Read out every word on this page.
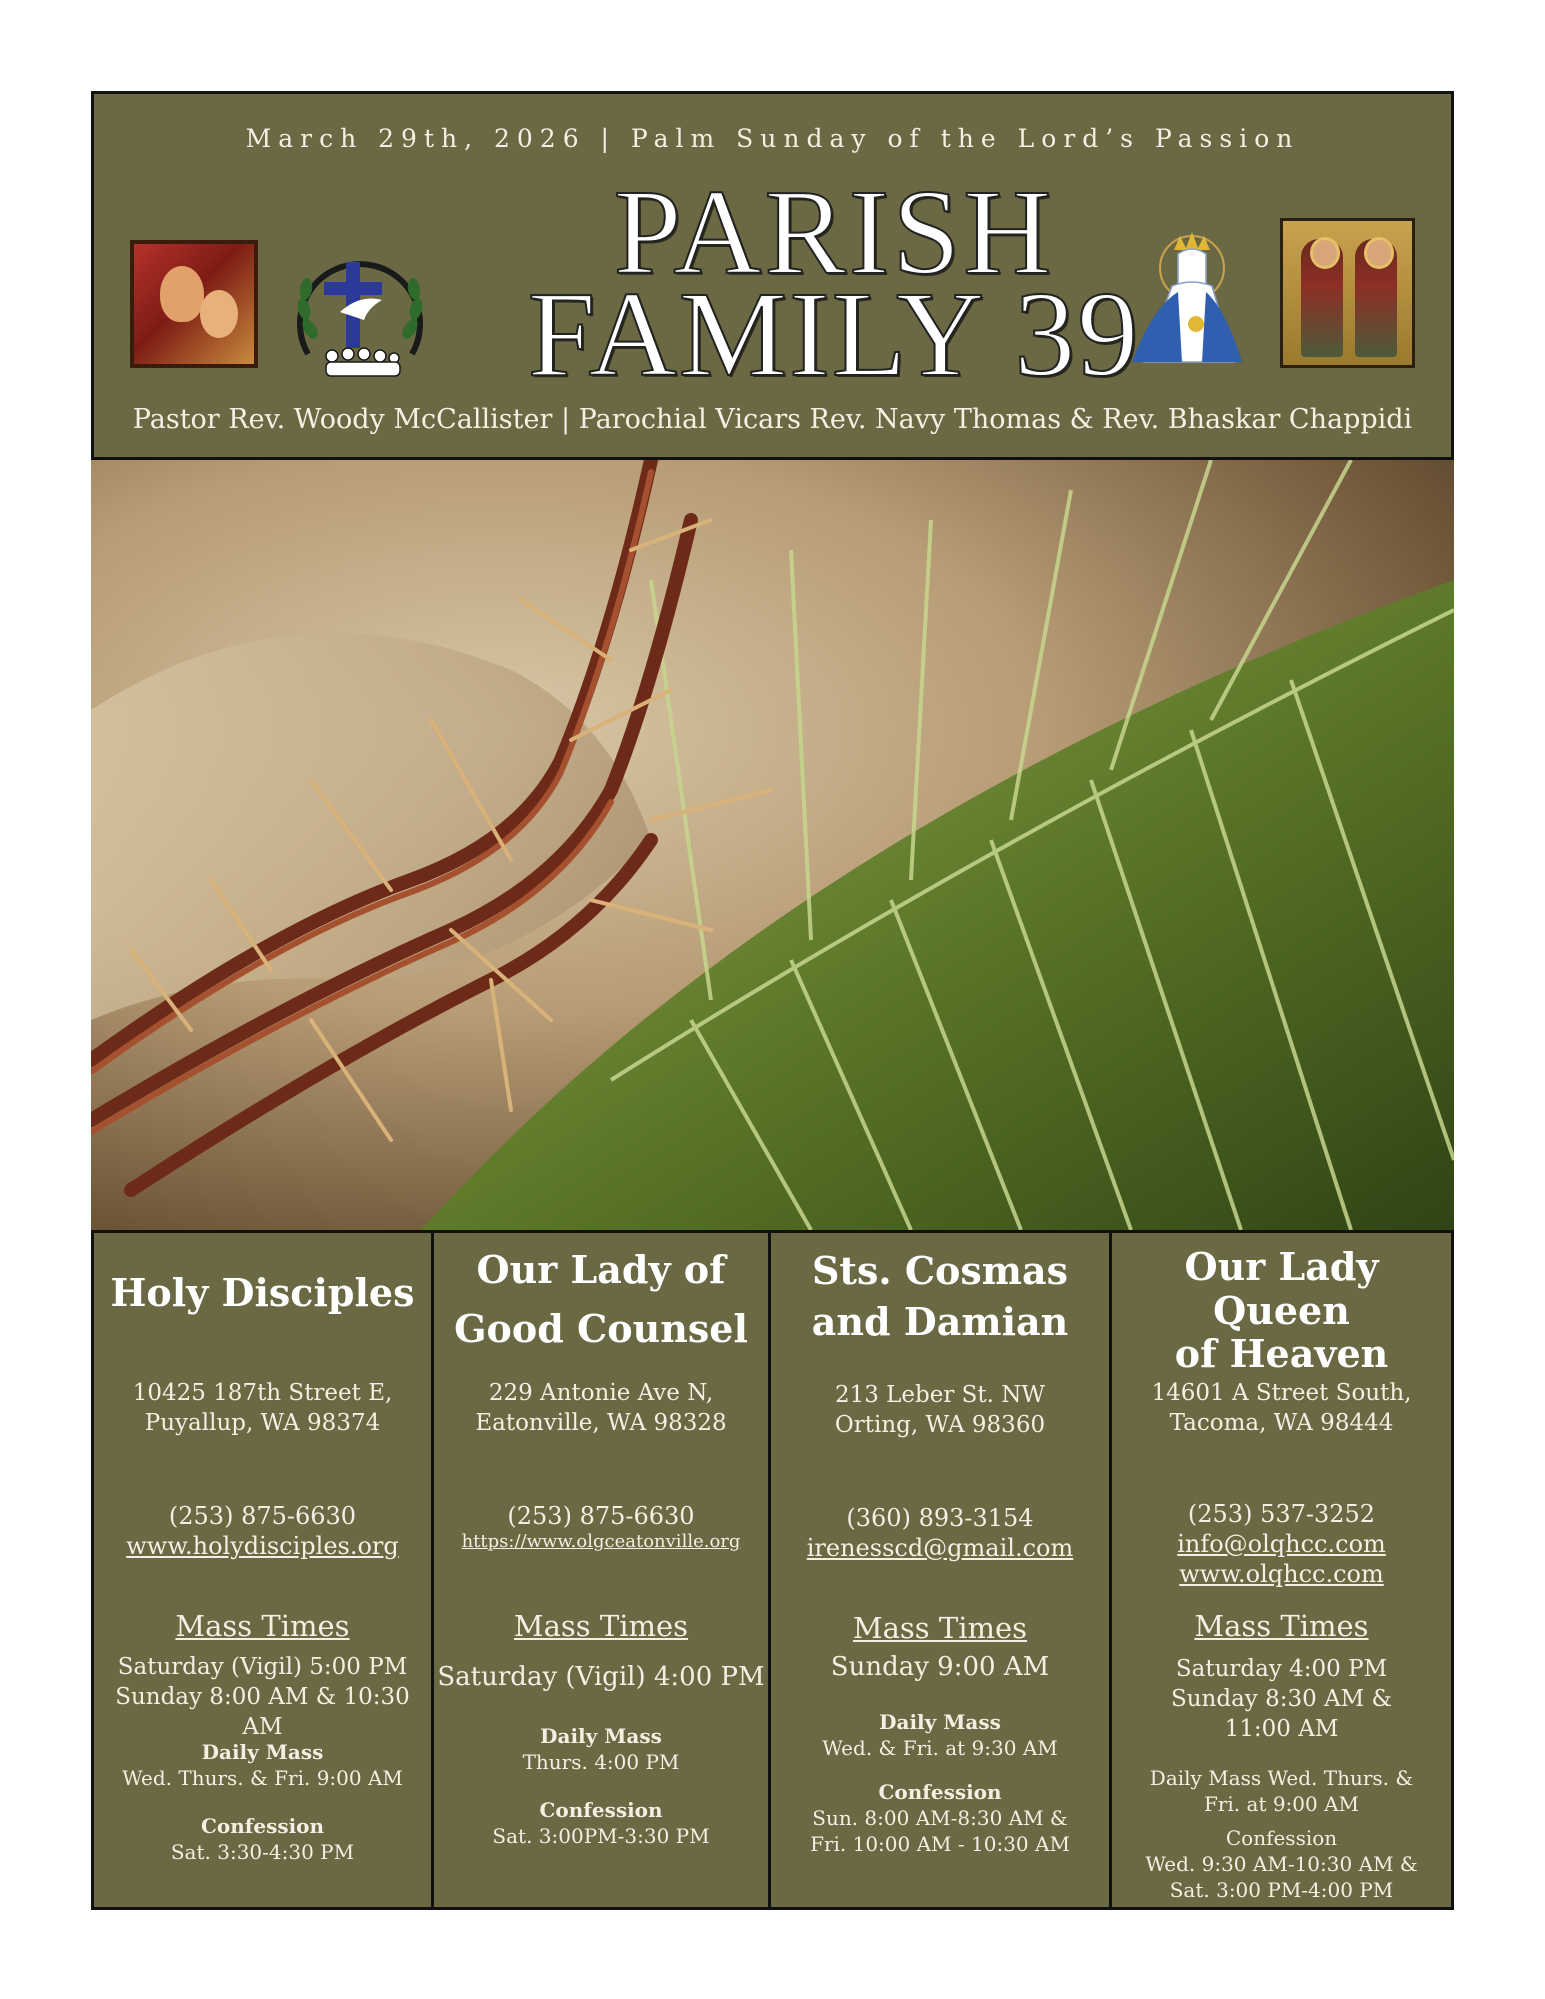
March 29th, 2026 | Palm Sunday of the Lord’s Passion
PARISH
FAMILY 39
Pastor Rev. Woody McCallister | Parochial Vicars Rev. Navy Thomas & Rev. Bhaskar Chappidi
Holy Disciples
10425 187th Street E,
Puyallup, WA 98374
(253) 875-6630
www.holydisciples.org
Mass Times
Saturday (Vigil) 5:00 PM
Sunday 8:00 AM & 10:30 AM
Daily Mass
Wed. Thurs. & Fri. 9:00 AM
Confession
Sat. 3:30-4:30 PM
Our Lady of
Good Counsel
229 Antonie Ave N,
Eatonville, WA 98328
(253) 875-6630
https://www.olgceatonville.org
Mass Times
Saturday (Vigil) 4:00 PM
Daily Mass
Thurs. 4:00 PM
Confession
Sat. 3:00PM-3:30 PM
Sts. Cosmas
and Damian
213 Leber St. NW
Orting, WA 98360
(360) 893-3154
irenesscd@gmail.com
Mass Times
Sunday 9:00 AM
Daily Mass
Wed. & Fri. at 9:30 AM
Confession
Sun. 8:00 AM-8:30 AM &
Fri. 10:00 AM - 10:30 AM
Our Lady Queen
of Heaven
14601 A Street South,
Tacoma, WA 98444
(253) 537-3252
info@olqhcc.com
www.olqhcc.com
Mass Times
Saturday 4:00 PM
Sunday 8:30 AM & 11:00 AM
Daily Mass Wed. Thurs. &
Fri. at 9:00 AM
Confession
Wed. 9:30 AM-10:30 AM &
Sat. 3:00 PM-4:00 PM
